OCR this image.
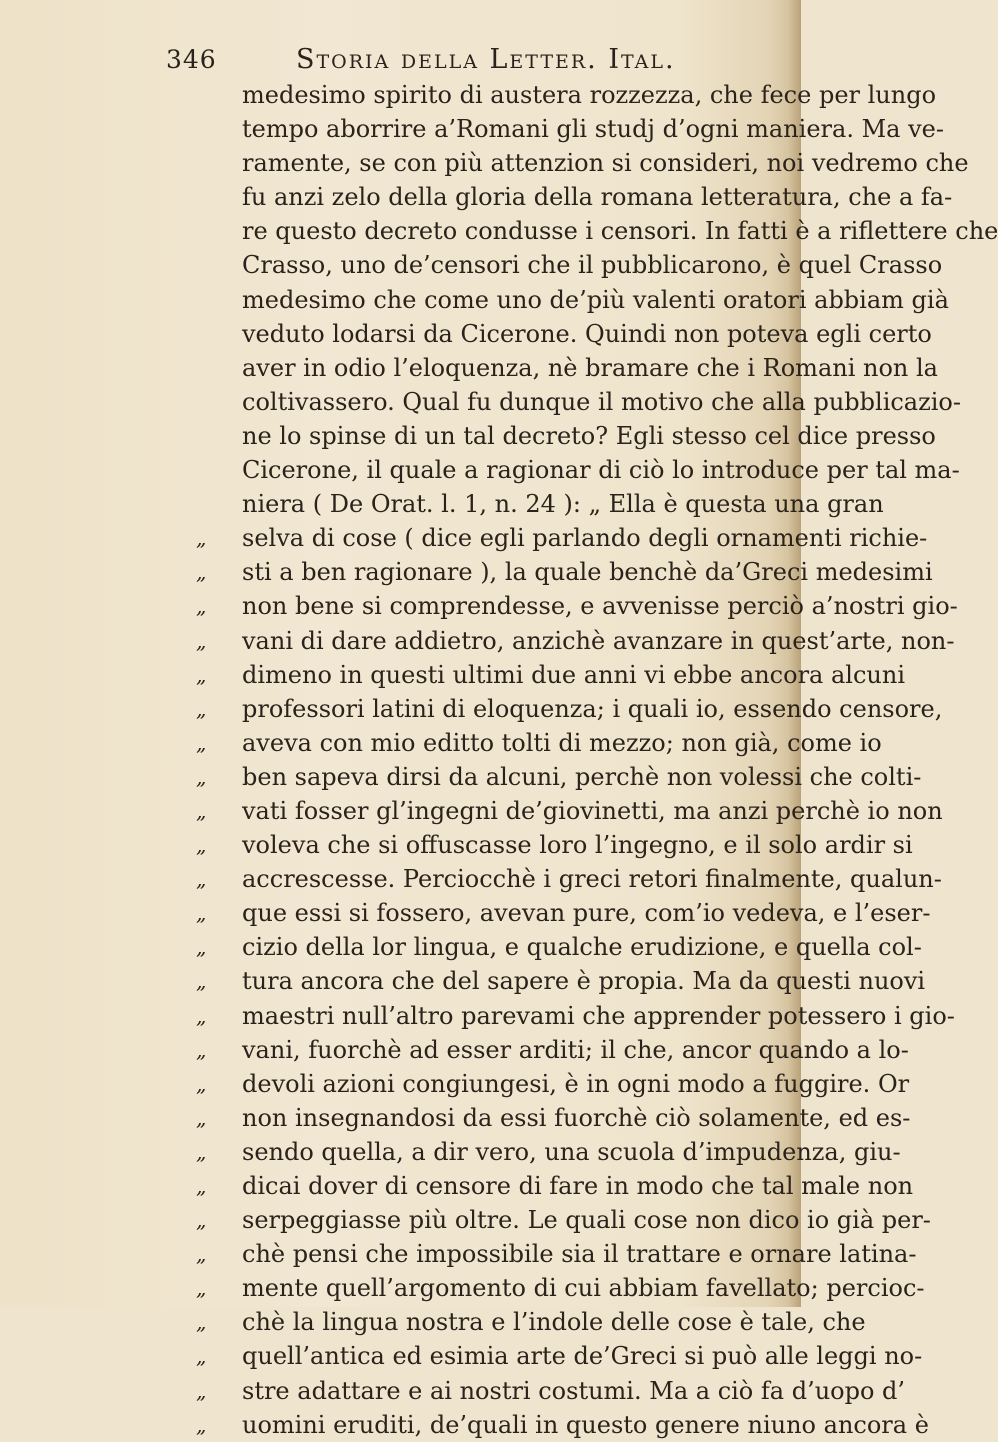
346	Storia della Letter. Ital.
medesimo spirito di austera rozzezza, che fece per lungo
tempo aborrire a’Romani gli studj d’ogni maniera. Ma ve-
ramente, se con più attenzion si consideri, noi vedremo che
fu anzi zelo della gloria della romana letteratura, che a fa-
re questo decreto condusse i censori. In fatti è a riflettere che
Crasso, uno de’censori che il pubblicarono, è quel Crasso
medesimo che come uno de’più valenti oratori abbiam già
veduto lodarsi da Cicerone. Quindi non poteva egli certo
aver in odio l’eloquenza, nè bramare che i Romani non la
coltivassero. Qual fu dunque il motivo che alla pubblicazio-
ne lo spinse di un tal decreto? Egli stesso cel dice presso
Cicerone, il quale a ragionar di ciò lo introduce per tal ma-
niera ( De Orat. l. 1, n. 24 ): „ Ella è questa una gran
„	selva di cose ( dice egli parlando degli ornamenti richie-
„	sti a ben ragionare ), la quale benchè da’Greci medesimi
„	non bene si comprendesse, e avvenisse perciò a’nostri gio-
„	vani di dare addietro, anzichè avanzare in quest’arte, non-
„	dimeno in questi ultimi due anni vi ebbe ancora alcuni
„	professori latini di eloquenza; i quali io, essendo censore,
„	aveva con mio editto tolti di mezzo; non già, come io
„	ben sapeva dirsi da alcuni, perchè non volessi che colti-
„	vati fosser gl’ingegni de’giovinetti, ma anzi perchè io non
„	voleva che si offuscasse loro l’ingegno, e il solo ardir si
„	accrescesse. Perciocchè i greci retori finalmente, qualun-
„	que essi si fossero, avevan pure, com’io vedeva, e l’eser-
„	cizio della lor lingua, e qualche erudizione, e quella col-
„	tura ancora che del sapere è propia. Ma da questi nuovi
„	maestri null’altro parevami che apprender potessero i gio-
„	vani, fuorchè ad esser arditi; il che, ancor quando a lo-
„	devoli azioni congiungesi, è in ogni modo a fuggire. Or
„	non insegnandosi da essi fuorchè ciò solamente, ed es-
„	sendo quella, a dir vero, una scuola d’impudenza, giu-
„	dicai dover di censore di fare in modo che tal male non
„	serpeggiasse più oltre. Le quali cose non dico io già per-
„	chè pensi che impossibile sia il trattare e ornare latina-
„	mente quell’argomento di cui abbiam favellato; percioc-
„	chè la lingua nostra e l’indole delle cose è tale, che
„	quell’antica ed esimia arte de’Greci si può alle leggi no-
„	stre adattare e ai nostri costumi. Ma a ciò fa d’uopo d’
„	uomini eruditi, de’quali in questo genere niuno ancora è
